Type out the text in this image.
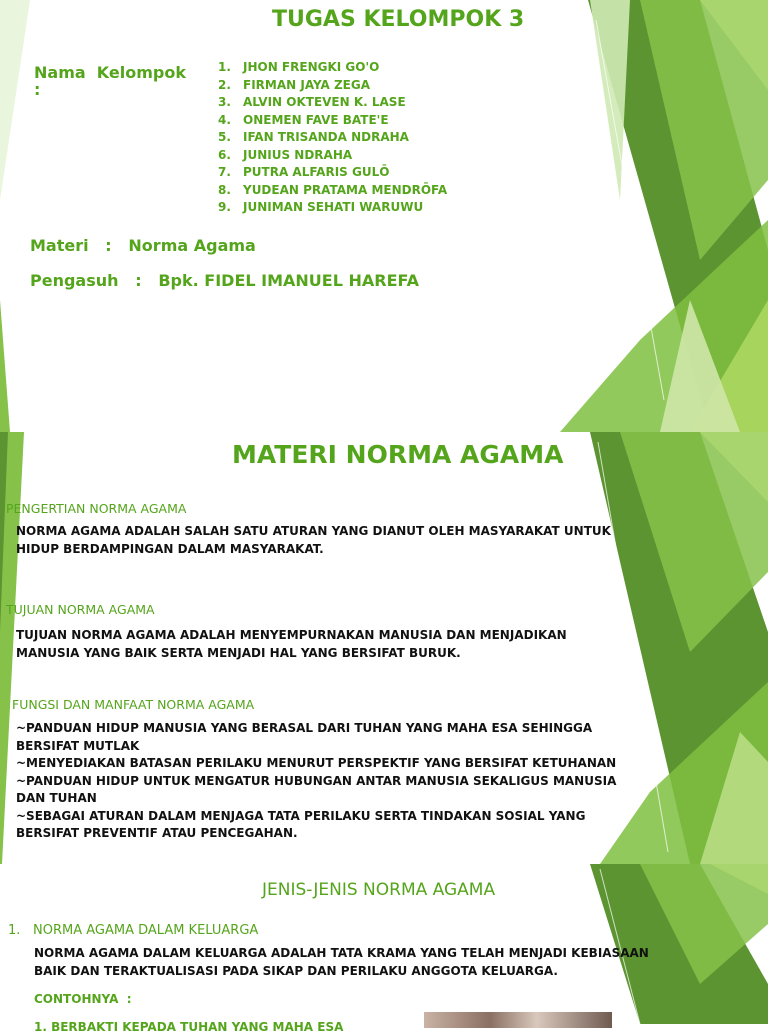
TUGAS KELOMPOK 3
Nama  Kelompok
:
1. JHON FRENGKI GO'O
2. FIRMAN JAYA ZEGA
3. ALVIN OKTEVEN K. LASE
4. ONEMEN FAVE BATE'E
5. IFAN TRISANDA NDRAHA
6. JUNIUS NDRAHA
7. PUTRA ALFARIS GULŌ
8. YUDEAN PRATAMA MENDRŌFA
9. JUNIMAN SEHATI WARUWU
Materi   :   Norma Agama
Pengasuh   :   Bpk. FIDEL IMANUEL HAREFA
MATERI NORMA AGAMA
PENGERTIAN NORMA AGAMA
NORMA AGAMA ADALAH SALAH SATU ATURAN YANG DIANUT OLEH MASYARAKAT UNTUK
HIDUP BERDAMPINGAN DALAM MASYARAKAT.
TUJUAN NORMA AGAMA
TUJUAN NORMA AGAMA ADALAH MENYEMPURNAKAN MANUSIA DAN MENJADIKAN
MANUSIA YANG BAIK SERTA MENJADI HAL YANG BERSIFAT BURUK.
FUNGSI DAN MANFAAT NORMA AGAMA
~PANDUAN HIDUP MANUSIA YANG BERASAL DARI TUHAN YANG MAHA ESA SEHINGGA
BERSIFAT MUTLAK
~MENYEDIAKAN BATASAN PERILAKU MENURUT PERSPEKTIF YANG BERSIFAT KETUHANAN
~PANDUAN HIDUP UNTUK MENGATUR HUBUNGAN ANTAR MANUSIA SEKALIGUS MANUSIA
DAN TUHAN
~SEBAGAI ATURAN DALAM MENJAGA TATA PERILAKU SERTA TINDAKAN SOSIAL YANG
BERSIFAT PREVENTIF ATAU PENCEGAHAN.
JENIS-JENIS NORMA AGAMA
1. NORMA AGAMA DALAM KELUARGA
NORMA AGAMA DALAM KELUARGA ADALAH TATA KRAMA YANG TELAH MENJADI KEBIASAAN
BAIK DAN TERAKTUALISASI PADA SIKAP DAN PERILAKU ANGGOTA KELUARGA.
CONTOHNYA  :
1. BERBAKTI KEPADA TUHAN YANG MAHA ESA
